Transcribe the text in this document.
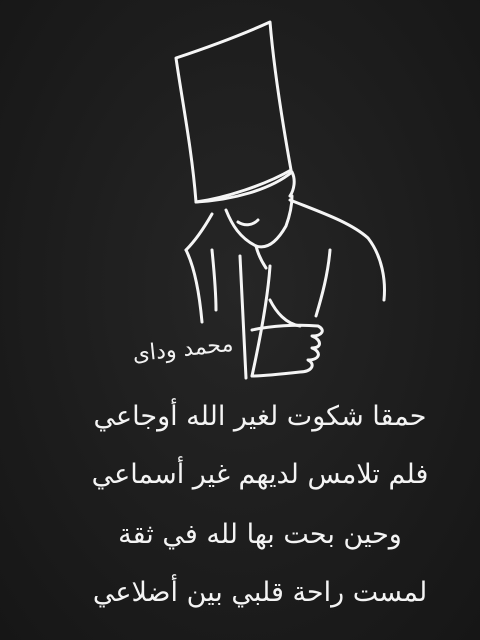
محمد وداى
حمقا شكوت لغير الله أوجاعي
فلم تلامس لديهم غير أسماعي
وحين بحت بها لله في ثقة
لمست راحة قلبي بين أضلاعي
